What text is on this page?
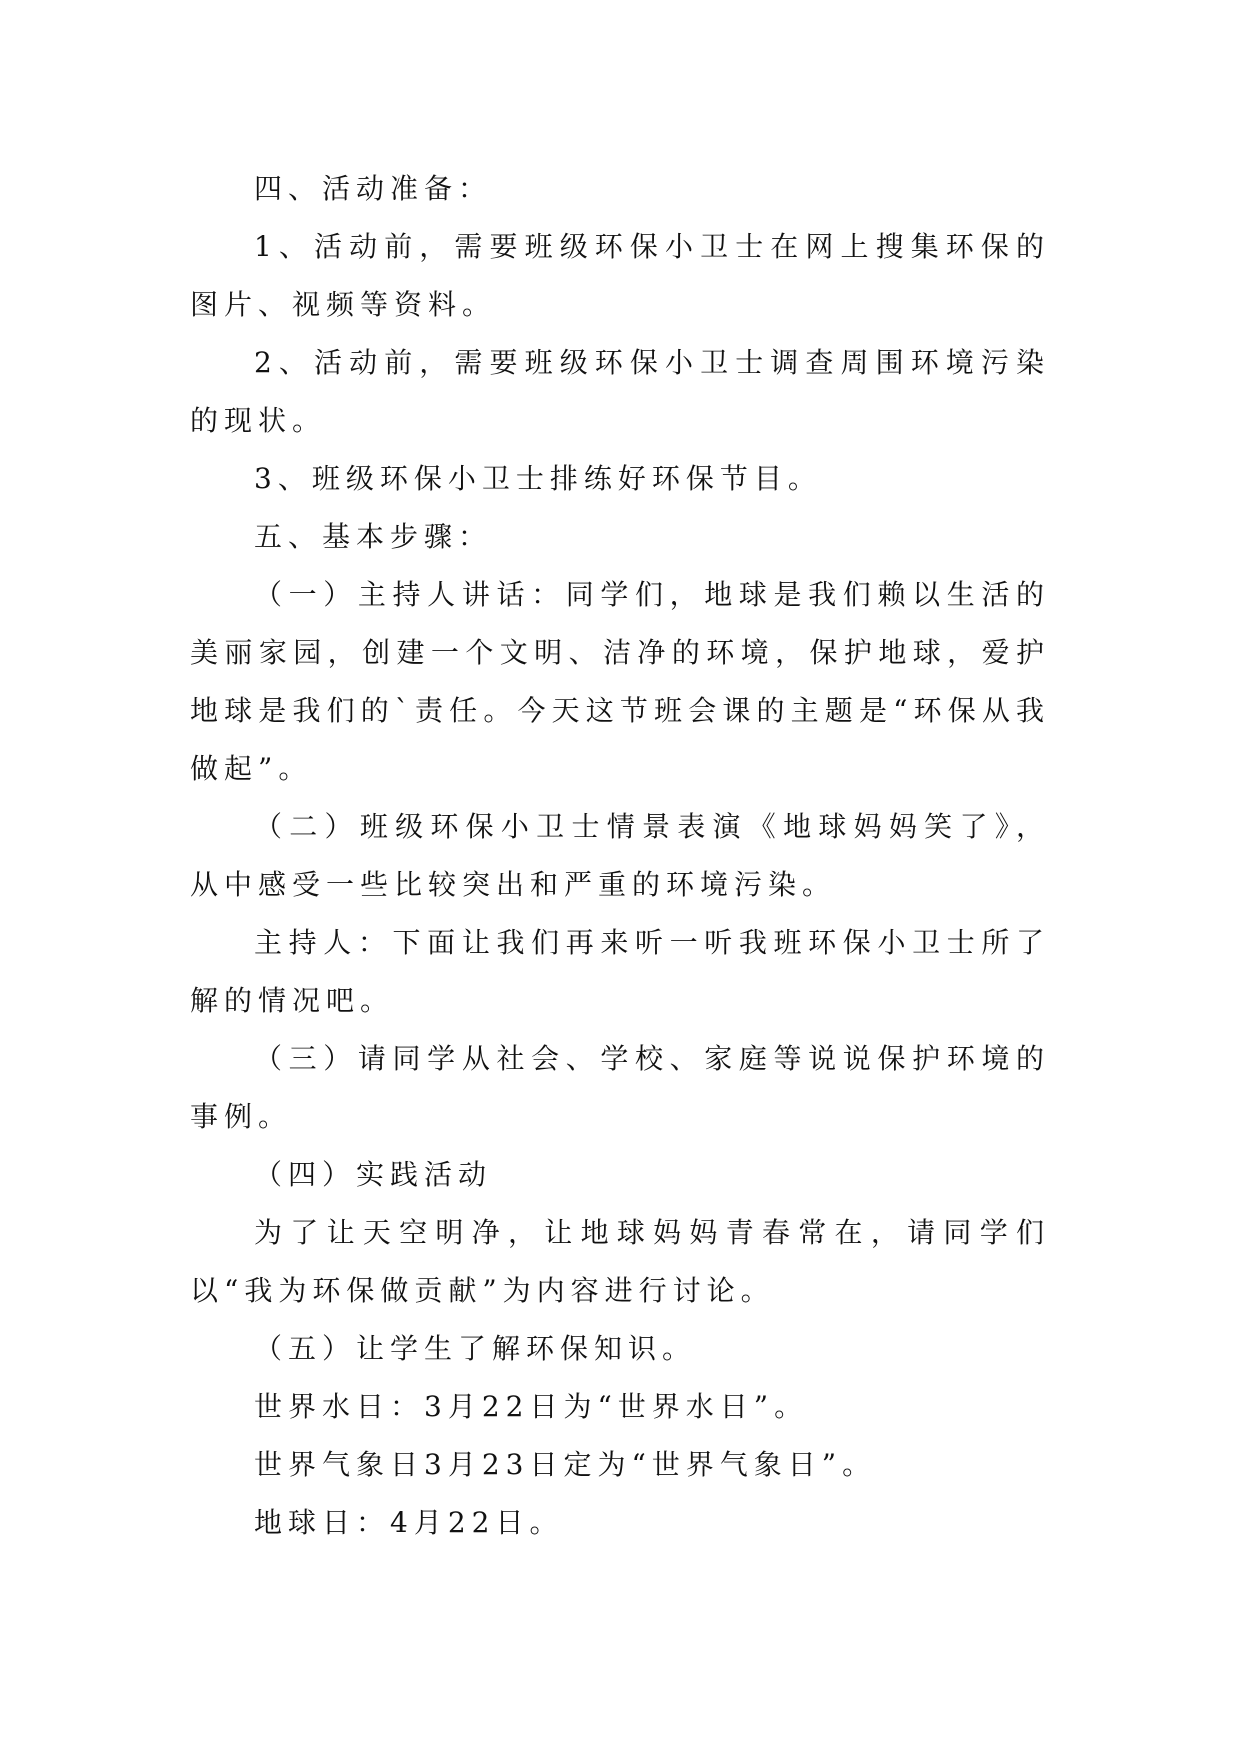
四、活动准备：

1、活动前，需要班级环保小卫士在网上搜集环保的图片、视频等资料。

2、活动前，需要班级环保小卫士调查周围环境污染的现状。

3、班级环保小卫士排练好环保节目。

五、基本步骤：

（一）主持人讲话：同学们，地球是我们赖以生活的美丽家园，创建一个文明、洁净的环境，保护地球，爱护地球是我们的`责任。今天这节班会课的主题是“环保从我做起”。

（二）班级环保小卫士情景表演《地球妈妈笑了》，从中感受一些比较突出和严重的环境污染。

主持人：下面让我们再来听一听我班环保小卫士所了解的情况吧。

（三）请同学从社会、学校、家庭等说说保护环境的事例。

（四）实践活动

为了让天空明净，让地球妈妈青春常在，请同学们以“我为环保做贡献”为内容进行讨论。

（五）让学生了解环保知识。

世界水日：3月22日为“世界水日”。

世界气象日3月23日定为“世界气象日”。

地球日：4月22日。
